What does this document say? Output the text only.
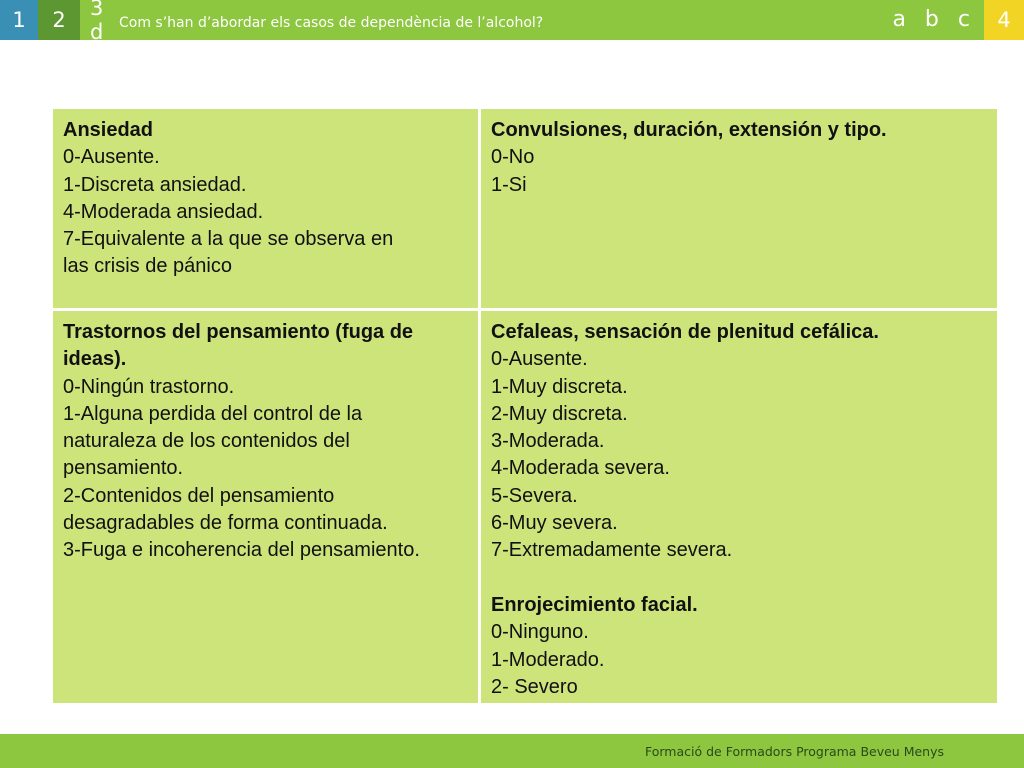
1	2	3 d	Com s’han d’abordar els casos de dependència de l’alcohol?	a b c	4
Ansiedad
0-Ausente.
1-Discreta ansiedad.
4-Moderada ansiedad.
7-Equivalente a la que se observa en
las crisis de pánico
Convulsiones, duración, extensión y tipo.
0-No
1-Si
Trastornos del pensamiento (fuga de
ideas).
0-Ningún trastorno.
1-Alguna perdida del control de la
naturaleza de los contenidos del
pensamiento.
2-Contenidos del pensamiento
desagradables de forma continuada.
3-Fuga e incoherencia del pensamiento.
Cefaleas, sensación de plenitud cefálica.
0-Ausente.
1-Muy discreta.
2-Muy discreta.
3-Moderada.
4-Moderada severa.
5-Severa.
6-Muy severa.
7-Extremadamente severa.
Enrojecimiento facial.
0-Ninguno.
1-Moderado.
2- Severo
Formació de Formadors Programa Beveu Menys
